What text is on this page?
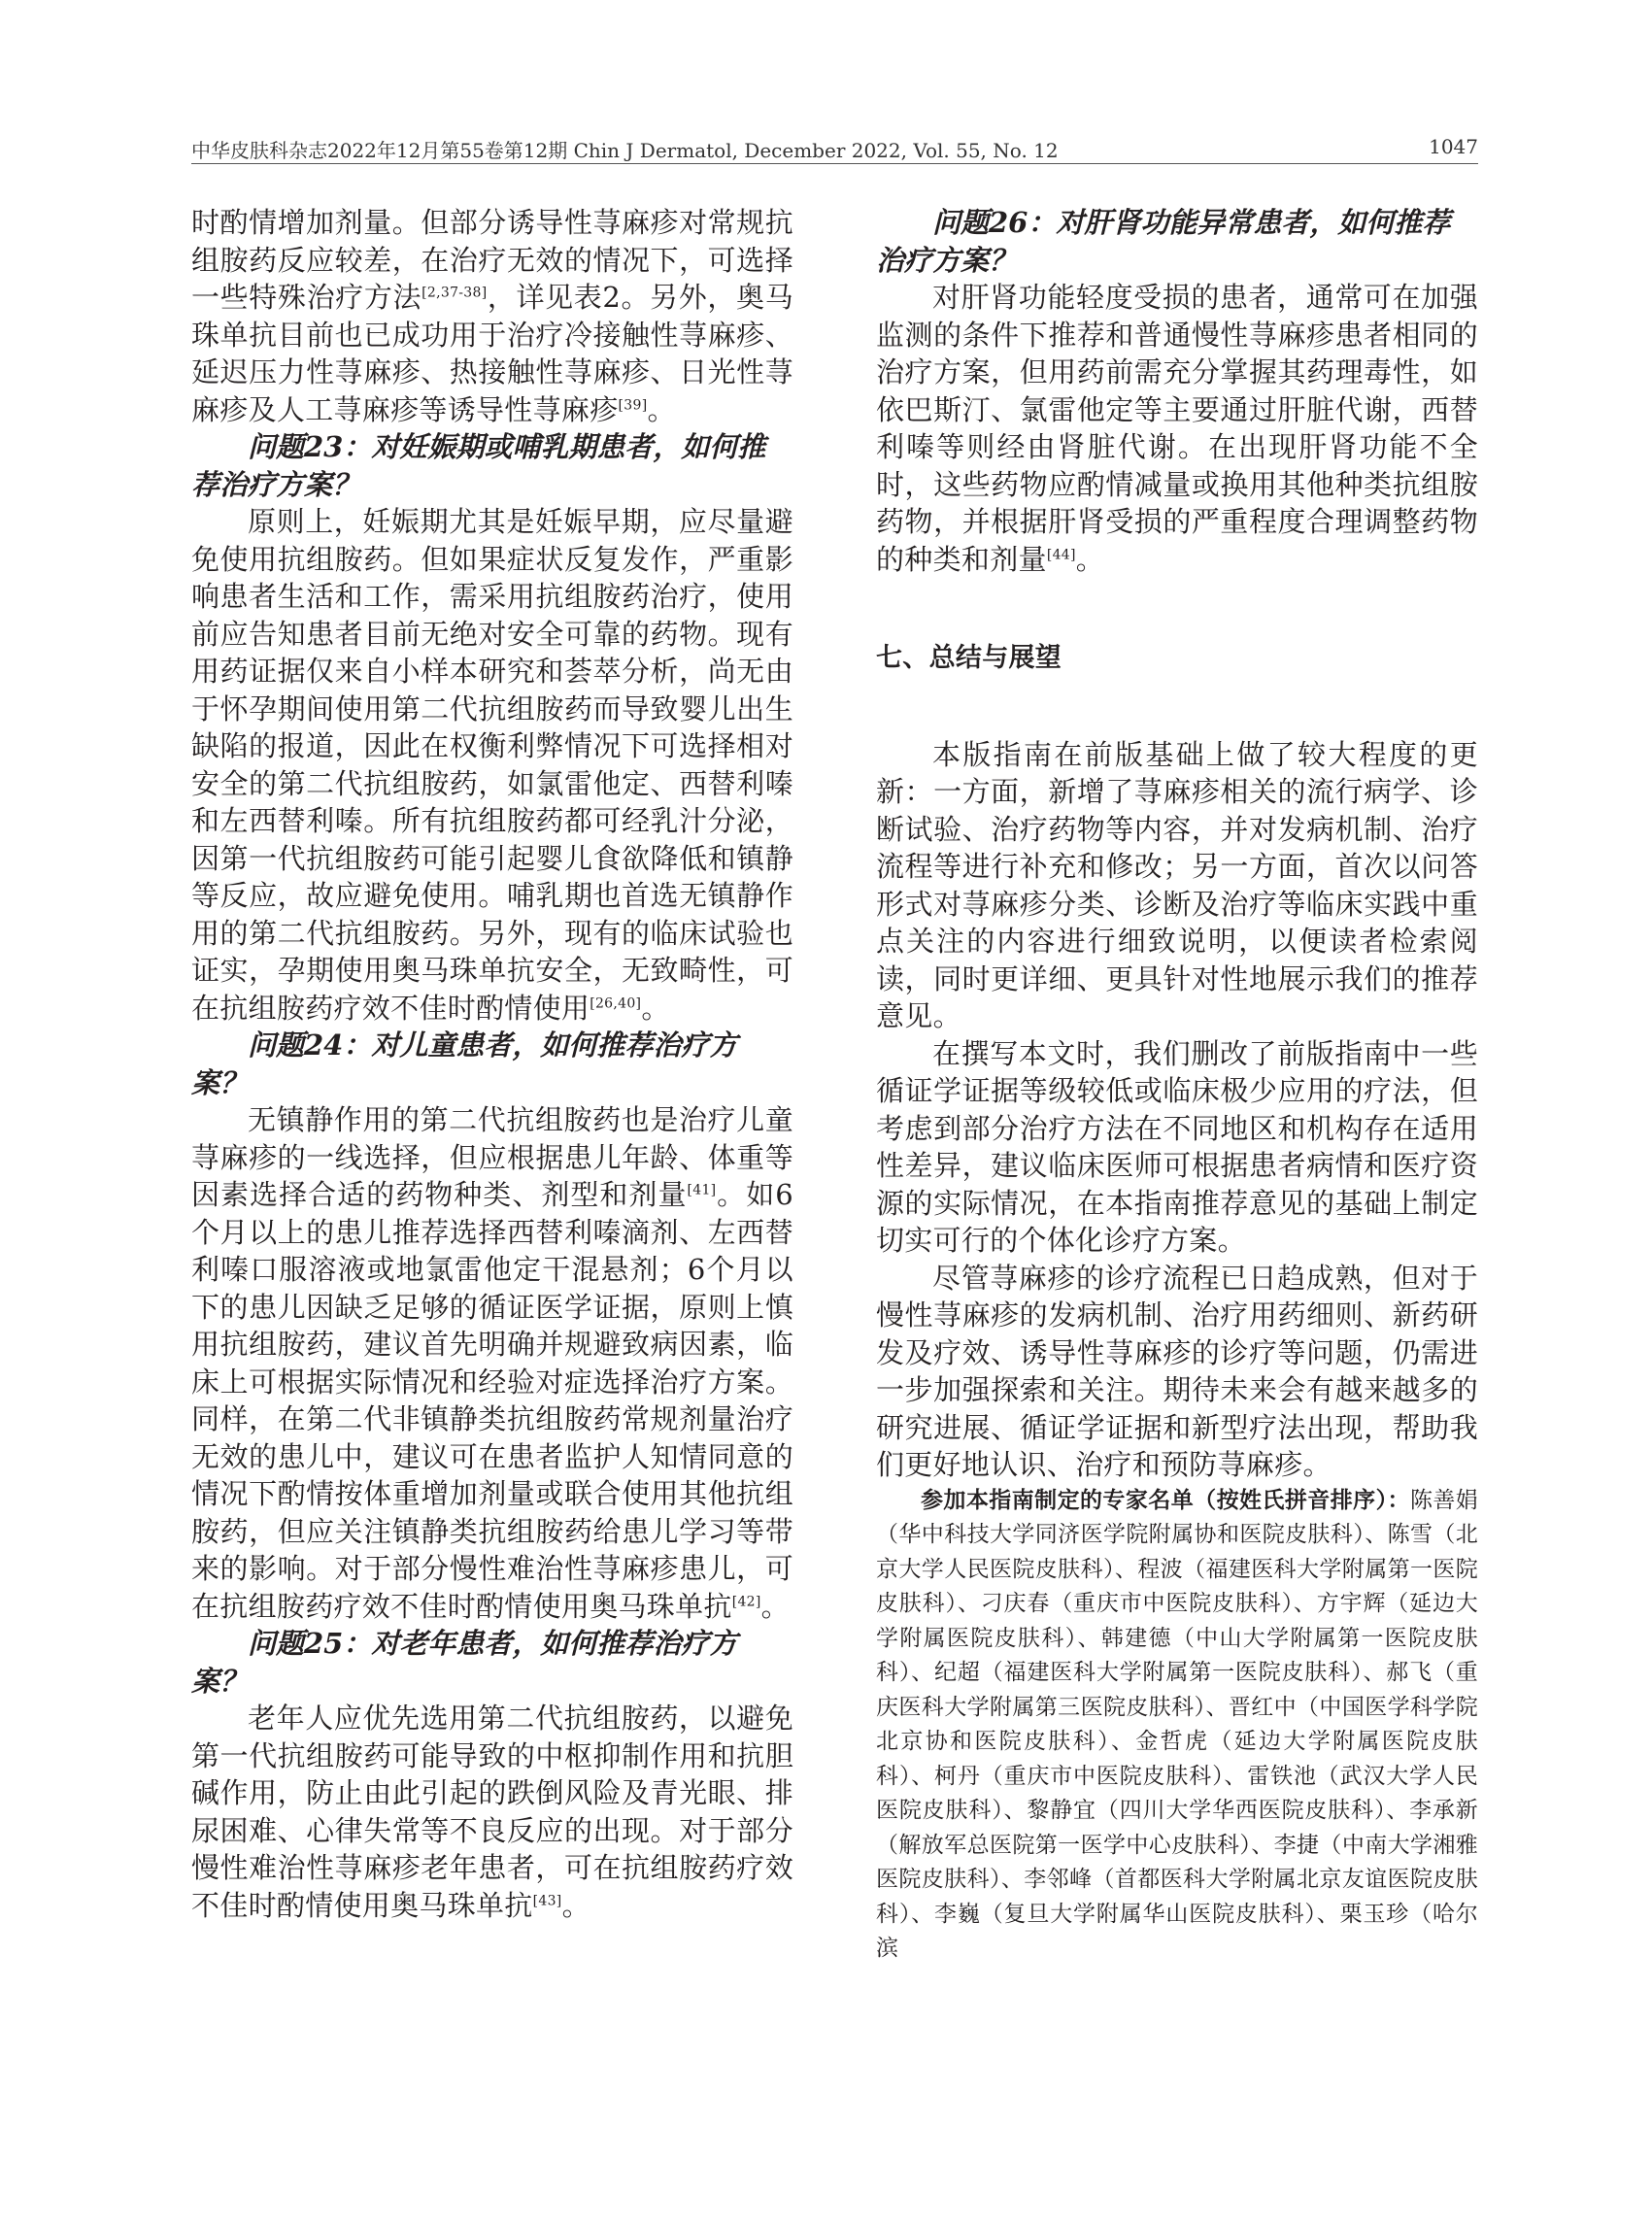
中华皮肤科杂志2022年12月第55卷第12期 Chin J Dermatol, December 2022, Vol. 55, No. 12	1047

时酌情增加剂量。但部分诱导性荨麻疹对常规抗组胺药反应较差，在治疗无效的情况下，可选择一些特殊治疗方法[2,37-38]，详见表2。另外，奥马珠单抗目前也已成功用于治疗冷接触性荨麻疹、延迟压力性荨麻疹、热接触性荨麻疹、日光性荨麻疹及人工荨麻疹等诱导性荨麻疹[39]。

问题23：对妊娠期或哺乳期患者，如何推荐治疗方案？

原则上，妊娠期尤其是妊娠早期，应尽量避免使用抗组胺药。但如果症状反复发作，严重影响患者生活和工作，需采用抗组胺药治疗，使用前应告知患者目前无绝对安全可靠的药物。现有用药证据仅来自小样本研究和荟萃分析，尚无由于怀孕期间使用第二代抗组胺药而导致婴儿出生缺陷的报道，因此在权衡利弊情况下可选择相对安全的第二代抗组胺药，如氯雷他定、西替利嗪和左西替利嗪。所有抗组胺药都可经乳汁分泌，因第一代抗组胺药可能引起婴儿食欲降低和镇静等反应，故应避免使用。哺乳期也首选无镇静作用的第二代抗组胺药。另外，现有的临床试验也证实，孕期使用奥马珠单抗安全，无致畸性，可在抗组胺药疗效不佳时酌情使用[26,40]。

问题24：对儿童患者，如何推荐治疗方案？

无镇静作用的第二代抗组胺药也是治疗儿童荨麻疹的一线选择，但应根据患儿年龄、体重等因素选择合适的药物种类、剂型和剂量[41]。如6个月以上的患儿推荐选择西替利嗪滴剂、左西替利嗪口服溶液或地氯雷他定干混悬剂；6个月以下的患儿因缺乏足够的循证医学证据，原则上慎用抗组胺药，建议首先明确并规避致病因素，临床上可根据实际情况和经验对症选择治疗方案。同样，在第二代非镇静类抗组胺药常规剂量治疗无效的患儿中，建议可在患者监护人知情同意的情况下酌情按体重增加剂量或联合使用其他抗组胺药，但应关注镇静类抗组胺药给患儿学习等带来的影响。对于部分慢性难治性荨麻疹患儿，可在抗组胺药疗效不佳时酌情使用奥马珠单抗[42]。

问题25：对老年患者，如何推荐治疗方案？

老年人应优先选用第二代抗组胺药，以避免第一代抗组胺药可能导致的中枢抑制作用和抗胆碱作用，防止由此引起的跌倒风险及青光眼、排尿困难、心律失常等不良反应的出现。对于部分慢性难治性荨麻疹老年患者，可在抗组胺药疗效不佳时酌情使用奥马珠单抗[43]。

问题26：对肝肾功能异常患者，如何推荐治疗方案？

对肝肾功能轻度受损的患者，通常可在加强监测的条件下推荐和普通慢性荨麻疹患者相同的治疗方案，但用药前需充分掌握其药理毒性，如依巴斯汀、氯雷他定等主要通过肝脏代谢，西替利嗪等则经由肾脏代谢。在出现肝肾功能不全时，这些药物应酌情减量或换用其他种类抗组胺药物，并根据肝肾受损的严重程度合理调整药物的种类和剂量[44]。

七、总结与展望

本版指南在前版基础上做了较大程度的更新：一方面，新增了荨麻疹相关的流行病学、诊断试验、治疗药物等内容，并对发病机制、治疗流程等进行补充和修改；另一方面，首次以问答形式对荨麻疹分类、诊断及治疗等临床实践中重点关注的内容进行细致说明，以便读者检索阅读，同时更详细、更具针对性地展示我们的推荐意见。

在撰写本文时，我们删改了前版指南中一些循证学证据等级较低或临床极少应用的疗法，但考虑到部分治疗方法在不同地区和机构存在适用性差异，建议临床医师可根据患者病情和医疗资源的实际情况，在本指南推荐意见的基础上制定切实可行的个体化诊疗方案。

尽管荨麻疹的诊疗流程已日趋成熟，但对于慢性荨麻疹的发病机制、治疗用药细则、新药研发及疗效、诱导性荨麻疹的诊疗等问题，仍需进一步加强探索和关注。期待未来会有越来越多的研究进展、循证学证据和新型疗法出现，帮助我们更好地认识、治疗和预防荨麻疹。

参加本指南制定的专家名单（按姓氏拼音排序）：陈善娟（华中科技大学同济医学院附属协和医院皮肤科）、陈雪（北京大学人民医院皮肤科）、程波（福建医科大学附属第一医院皮肤科）、刁庆春（重庆市中医院皮肤科）、方宇辉（延边大学附属医院皮肤科）、韩建德（中山大学附属第一医院皮肤科）、纪超（福建医科大学附属第一医院皮肤科）、郝飞（重庆医科大学附属第三医院皮肤科）、晋红中（中国医学科学院北京协和医院皮肤科）、金哲虎（延边大学附属医院皮肤科）、柯丹（重庆市中医院皮肤科）、雷铁池（武汉大学人民医院皮肤科）、黎静宜（四川大学华西医院皮肤科）、李承新（解放军总医院第一医学中心皮肤科）、李捷（中南大学湘雅医院皮肤科）、李邻峰（首都医科大学附属北京友谊医院皮肤科）、李巍（复旦大学附属华山医院皮肤科）、栗玉珍（哈尔滨
